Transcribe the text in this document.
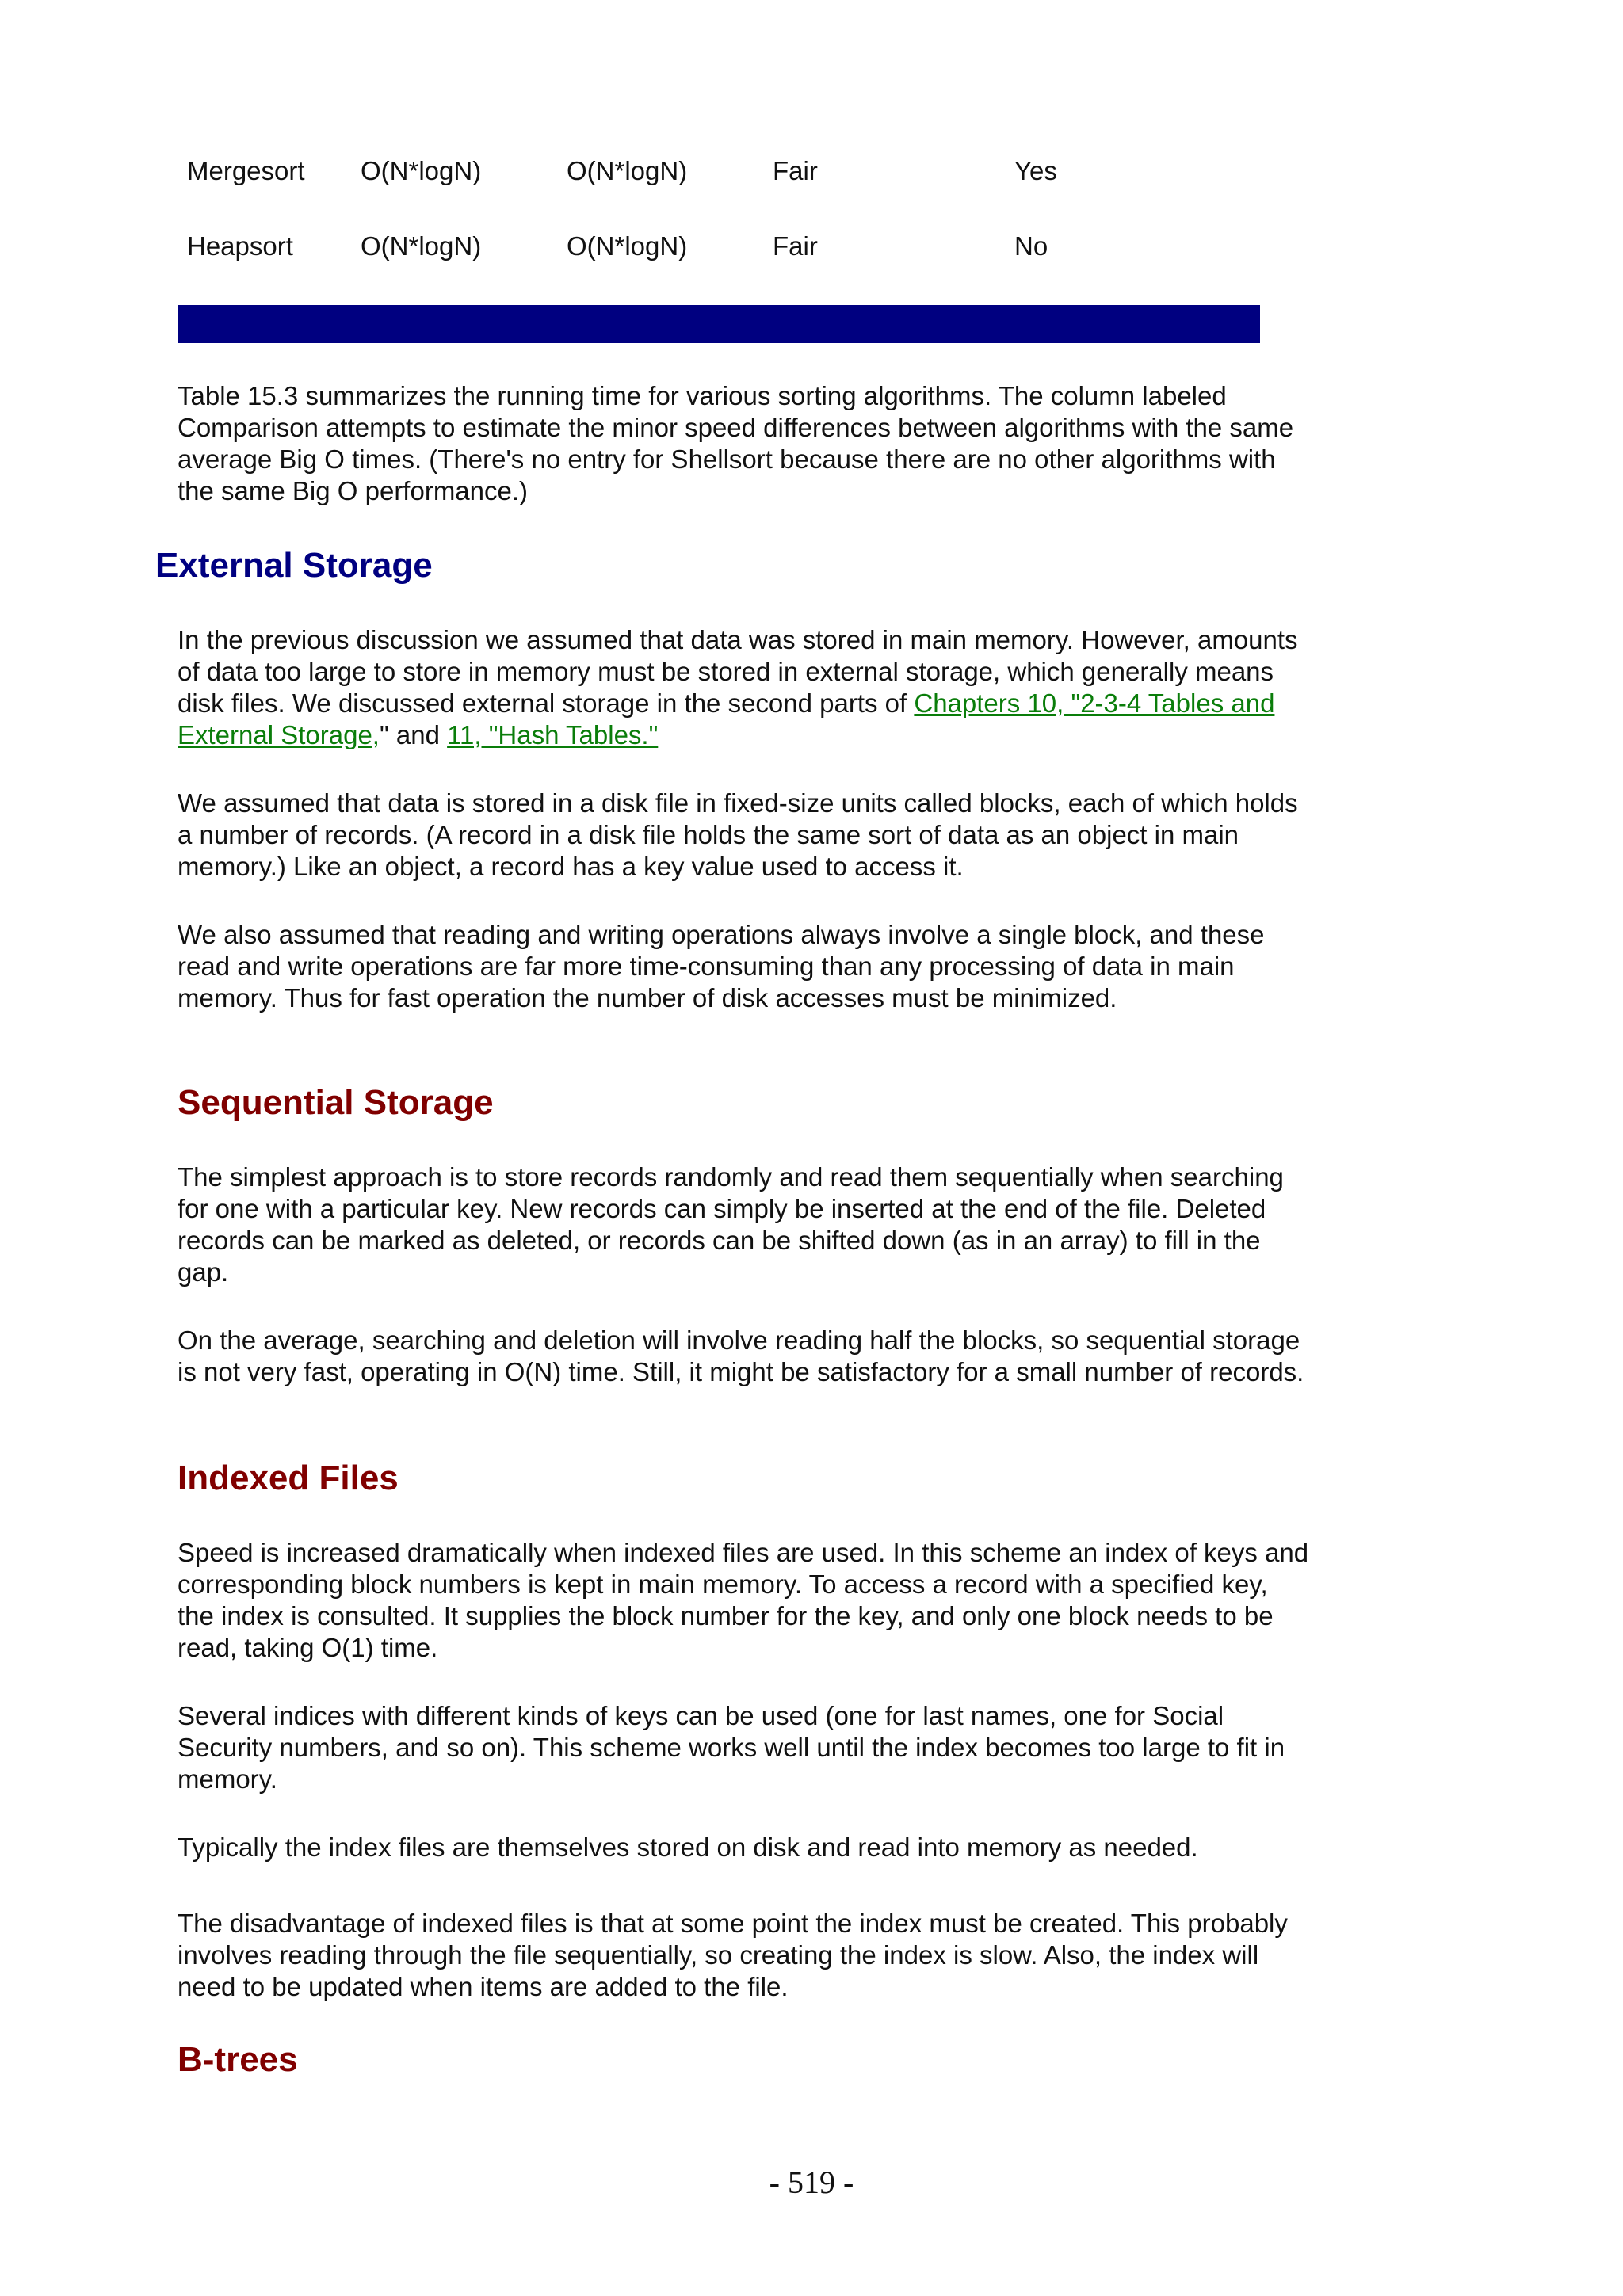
Mergesort O(N*logN)	O(N*logN)	Fair	Yes
Heapsort	O(N*logN)	O(N*logN)	Fair	No

Table 15.3 summarizes the running time for various sorting algorithms. The column labeled Comparison attempts to estimate the minor speed differences between algorithms with the same average Big O times. (There's no entry for Shellsort because there are no other algorithms with the same Big O performance.)

External Storage

In the previous discussion we assumed that data was stored in main memory. However, amounts of data too large to store in memory must be stored in external storage, which generally means disk files. We discussed external storage in the second parts of Chapters 10, "2-3-4 Tables and External Storage," and 11, "Hash Tables."

We assumed that data is stored in a disk file in fixed-size units called blocks, each of which holds a number of records. (A record in a disk file holds the same sort of data as an object in main memory.) Like an object, a record has a key value used to access it.

We also assumed that reading and writing operations always involve a single block, and these read and write operations are far more time-consuming than any processing of data in main memory. Thus for fast operation the number of disk accesses must be minimized.

Sequential Storage

The simplest approach is to store records randomly and read them sequentially when searching for one with a particular key. New records can simply be inserted at the end of the file. Deleted records can be marked as deleted, or records can be shifted down (as in an array) to fill in the gap.

On the average, searching and deletion will involve reading half the blocks, so sequential storage is not very fast, operating in O(N) time. Still, it might be satisfactory for a small number of records.

Indexed Files

Speed is increased dramatically when indexed files are used. In this scheme an index of keys and corresponding block numbers is kept in main memory. To access a record with a specified key, the index is consulted. It supplies the block number for the key, and only one block needs to be read, taking O(1) time.

Several indices with different kinds of keys can be used (one for last names, one for Social Security numbers, and so on). This scheme works well until the index becomes too large to fit in memory.

Typically the index files are themselves stored on disk and read into memory as needed.

The disadvantage of indexed files is that at some point the index must be created. This probably involves reading through the file sequentially, so creating the index is slow. Also, the index will need to be updated when items are added to the file.

B-trees
- 519 -
